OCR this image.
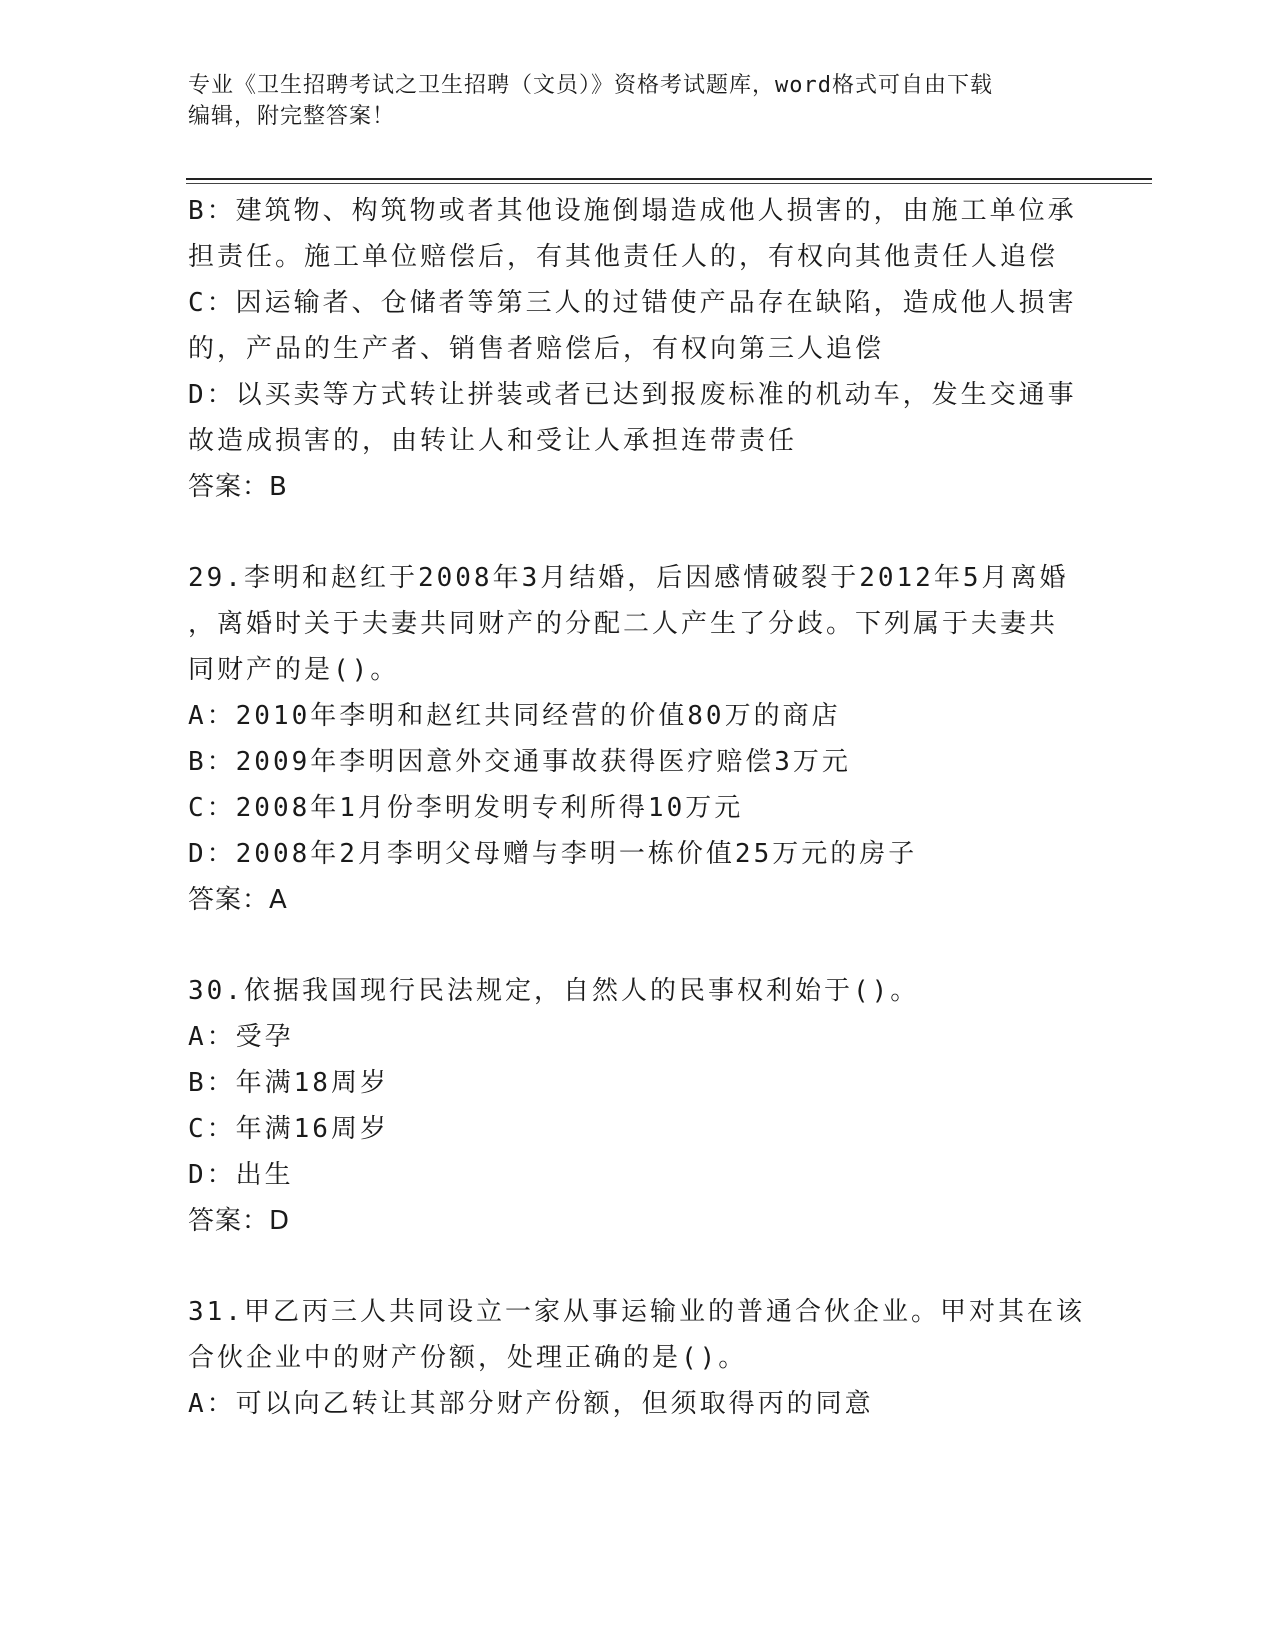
专业《卫生招聘考试之卫生招聘（文员）》资格考试题库，word格式可自由下载
编辑，附完整答案！
B：建筑物、构筑物或者其他设施倒塌造成他人损害的，由施工单位承
担责任。施工单位赔偿后，有其他责任人的，有权向其他责任人追偿
C：因运输者、仓储者等第三人的过错使产品存在缺陷，造成他人损害
的，产品的生产者、销售者赔偿后，有权向第三人追偿
D：以买卖等方式转让拼装或者已达到报废标准的机动车，发生交通事
故造成损害的，由转让人和受让人承担连带责任
答案：B
29.李明和赵红于2008年3月结婚，后因感情破裂于2012年5月离婚
，离婚时关于夫妻共同财产的分配二人产生了分歧。下列属于夫妻共
同财产的是()。
A：2010年李明和赵红共同经营的价值80万的商店
B：2009年李明因意外交通事故获得医疗赔偿3万元
C：2008年1月份李明发明专利所得10万元
D：2008年2月李明父母赠与李明一栋价值25万元的房子
答案：A
30.依据我国现行民法规定，自然人的民事权利始于()。
A：受孕
B：年满18周岁
C：年满16周岁
D：出生
答案：D
31.甲乙丙三人共同设立一家从事运输业的普通合伙企业。甲对其在该
合伙企业中的财产份额，处理正确的是()。
A：可以向乙转让其部分财产份额，但须取得丙的同意
